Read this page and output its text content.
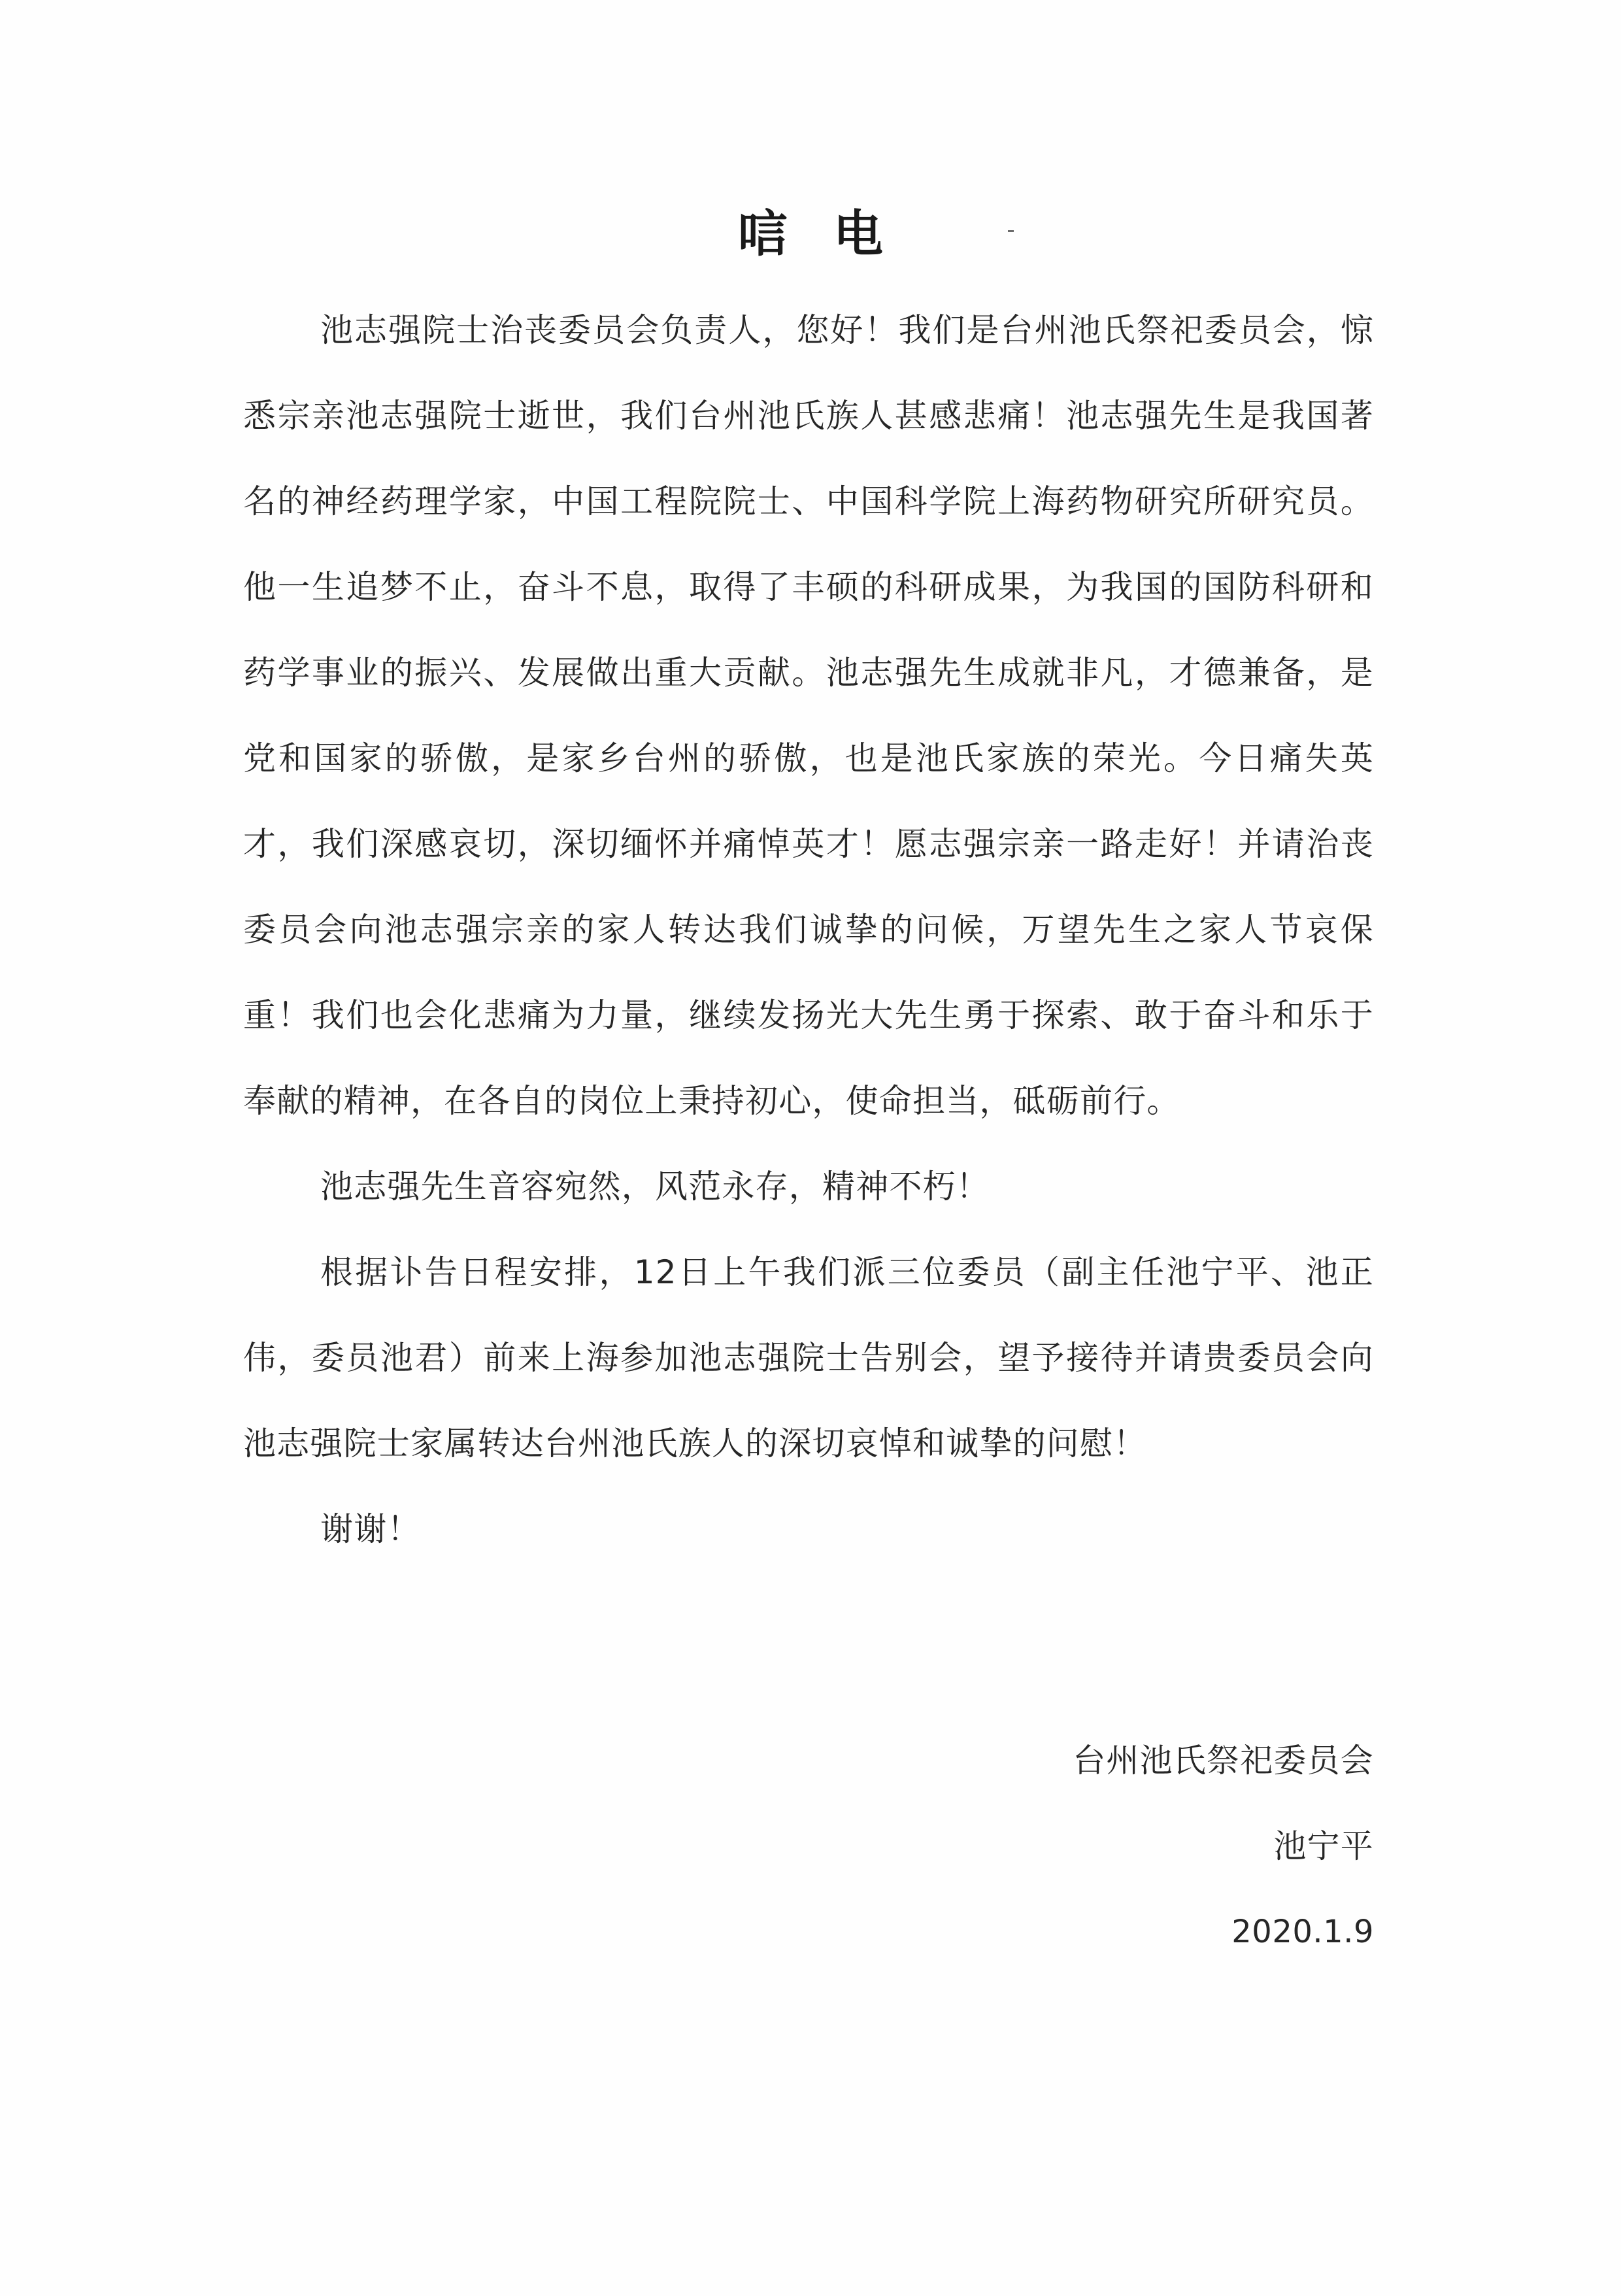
唁电

池志强院士治丧委员会负责人，您好！我们是台州池氏祭祀委员会，惊悉宗亲池志强院士逝世，我们台州池氏族人甚感悲痛！池志强先生是我国著名的神经药理学家，中国工程院院士、中国科学院上海药物研究所研究员。他一生追梦不止，奋斗不息，取得了丰硕的科研成果，为我国的国防科研和药学事业的振兴、发展做出重大贡献。池志强先生成就非凡，才德兼备，是党和国家的骄傲，是家乡台州的骄傲，也是池氏家族的荣光。今日痛失英才，我们深感哀切，深切缅怀并痛悼英才！愿志强宗亲一路走好！并请治丧委员会向池志强宗亲的家人转达我们诚挚的问候，万望先生之家人节哀保重！我们也会化悲痛为力量，继续发扬光大先生勇于探索、敢于奋斗和乐于奉献的精神，在各自的岗位上秉持初心，使命担当，砥砺前行。

池志强先生音容宛然，风范永存，精神不朽！

根据讣告日程安排，12日上午我们派三位委员（副主任池宁平、池正伟，委员池君）前来上海参加池志强院士告别会，望予接待并请贵委员会向池志强院士家属转达台州池氏族人的深切哀悼和诚挚的问慰！

谢谢！

台州池氏祭祀委员会
池宁平
2020.1.9
